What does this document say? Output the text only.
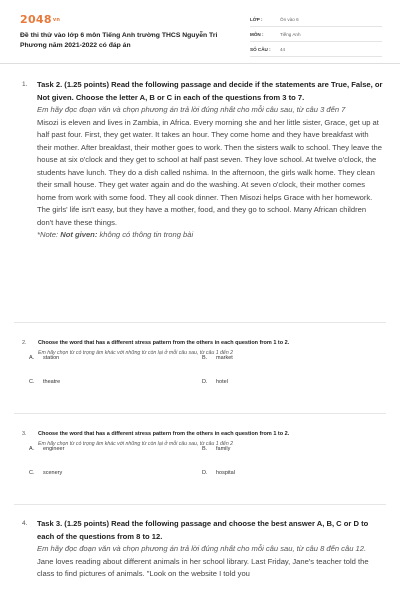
2048vn
Đề thi thử vào lớp 6 môn Tiếng Anh trường THCS Nguyễn Tri Phương năm 2021-2022 có đáp án
LỚP :	Ôn vào 6
MÔN :	Tiếng Anh
SỐ CÂU :	44
1. Task 2. (1.25 points) Read the following passage and decide if the statements are True, False, or Not given. Choose the letter A, B or C in each of the questions from 3 to 7.
Em hãy đọc đoạn văn và chọn phương án trả lời đúng nhất cho mỗi câu sau, từ câu 3 đến 7
Misozi is eleven and lives in Zambia, in Africa. Every morning she and her little sister, Grace, get up at half past four. First, they get water. It takes an hour. They come home and they have breakfast with their mother. After breakfast, their mother goes to work. Then the sisters walk to school. They leave the house at six o'clock and they get to school at half past seven. They love school. At twelve o'clock, the students have lunch. They do a dish called nshima. In the afternoon, the girls walk home. They clean their small house. They get water again and do the washing. At seven o'clock, their mother comes home from work with some food. They all cook dinner. Then Misozi helps Grace with her homework.
The girls' life isn't easy, but they have a mother, food, and they go to school. Many African children don't have these things.
*Note: Not given: không có thông tin trong bài
2. Choose the word that has a different stress pattern from the others in each question from 1 to 2.
Em hãy chọn từ có trọng âm khác với những từ còn lại ở mỗi câu sau, từ câu 1 đến 2
A. station	B. market
C. theatre	D. hotel
3. Choose the word that has a different stress pattern from the others in each question from 1 to 2.
Em hãy chọn từ có trọng âm khác với những từ còn lại ở mỗi câu sau, từ câu 1 đến 2
A. engineer	B. family
C. scenery	D. hospital
4. Task 3. (1.25 points) Read the following passage and choose the best answer A, B, C or D to each of the questions from 8 to 12.
Em hãy đọc đoạn văn và chọn phương án trả lời đúng nhất cho mỗi câu sau, từ câu 8 đến câu 12.
Jane loves reading about different animals in her school library. Last Friday, Jane's teacher told the class to find pictures of animals. "Look on the website I told you
